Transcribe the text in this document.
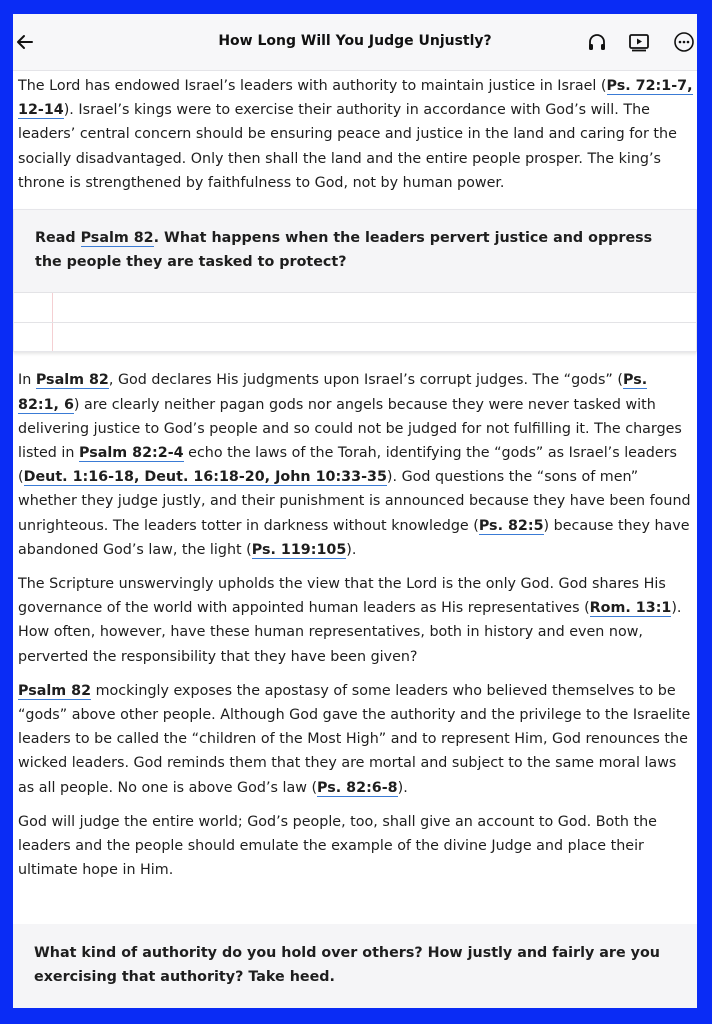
How Long Will You Judge Unjustly?

The Lord has endowed Israel’s leaders with authority to maintain justice in Israel (Ps. 72:1-7, 12-14). Israel’s kings were to exercise their authority in accordance with God’s will. The leaders’ central concern should be ensuring peace and justice in the land and caring for the socially disadvantaged. Only then shall the land and the entire people prosper. The king’s throne is strengthened by faithfulness to God, not by human power.

Read Psalm 82. What happens when the leaders pervert justice and oppress the people they are tasked to protect?

In Psalm 82, God declares His judgments upon Israel’s corrupt judges. The “gods” (Ps. 82:1, 6) are clearly neither pagan gods nor angels because they were never tasked with delivering justice to God’s people and so could not be judged for not fulfilling it. The charges listed in Psalm 82:2-4 echo the laws of the Torah, identifying the “gods” as Israel’s leaders (Deut. 1:16-18, Deut. 16:18-20, John 10:33-35). God questions the “sons of men” whether they judge justly, and their punishment is announced because they have been found unrighteous. The leaders totter in darkness without knowledge (Ps. 82:5) because they have abandoned God’s law, the light (Ps. 119:105).

The Scripture unswervingly upholds the view that the Lord is the only God. God shares His governance of the world with appointed human leaders as His representatives (Rom. 13:1). How often, however, have these human representatives, both in history and even now, perverted the responsibility that they have been given?

Psalm 82 mockingly exposes the apostasy of some leaders who believed themselves to be “gods” above other people. Although God gave the authority and the privilege to the Israelite leaders to be called the “children of the Most High” and to represent Him, God renounces the wicked leaders. God reminds them that they are mortal and subject to the same moral laws as all people. No one is above God’s law (Ps. 82:6-8).

God will judge the entire world; God’s people, too, shall give an account to God. Both the leaders and the people should emulate the example of the divine Judge and place their ultimate hope in Him.

What kind of authority do you hold over others? How justly and fairly are you exercising that authority? Take heed.
